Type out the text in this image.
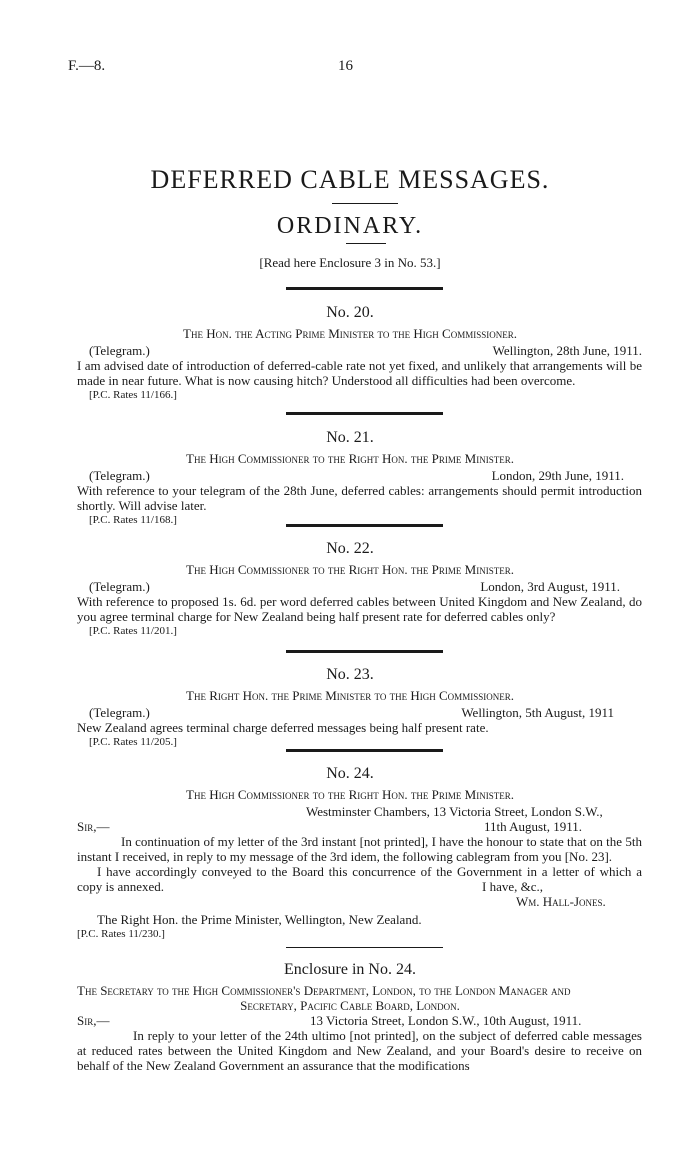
F.—8.	16
DEFERRED CABLE MESSAGES.
ORDINARY.
[Read here Enclosure 3 in No. 53.]
No. 20.
The Hon. the Acting Prime Minister to the High Commissioner.
(Telegram.)	Wellington, 28th June, 1911.
I am advised date of introduction of deferred-cable rate not yet fixed, and unlikely that arrangements will be made in near future. What is now causing hitch? Understood all difficulties had been overcome.
[P.C. Rates 11/166.]
No. 21.
The High Commissioner to the Right Hon. the Prime Minister.
(Telegram.)	London, 29th June, 1911.
With reference to your telegram of the 28th June, deferred cables: arrangements should permit introduction shortly. Will advise later.
[P.C. Rates 11/168.]
No. 22.
The High Commissioner to the Right Hon. the Prime Minister.
(Telegram.)	London, 3rd August, 1911.
With reference to proposed 1s. 6d. per word deferred cables between United Kingdom and New Zealand, do you agree terminal charge for New Zealand being half present rate for deferred cables only?
[P.C. Rates 11/201.]
No. 23.
The Right Hon. the Prime Minister to the High Commissioner.
(Telegram.)	Wellington, 5th August, 1911
New Zealand agrees terminal charge deferred messages being half present rate.
[P.C. Rates 11/205.]
No. 24.
The High Commissioner to the Right Hon. the Prime Minister.
Westminster Chambers, 13 Victoria Street, London S.W.,
Sir,—	11th August, 1911.
In continuation of my letter of the 3rd instant [not printed], I have the honour to state that on the 5th instant I received, in reply to my message of the 3rd idem, the following cablegram from you [No. 23].
I have accordingly conveyed to the Board this concurrence of the Government in a letter of which a copy is annexed.	I have, &c.,
Wm. Hall-Jones.
The Right Hon. the Prime Minister, Wellington, New Zealand.
[P.C. Rates 11/230.]
Enclosure in No. 24.
The Secretary to the High Commissioner's Department, London, to the London Manager and
Secretary, Pacific Cable Board, London.
Sir,—	13 Victoria Street, London S.W., 10th August, 1911.
In reply to your letter of the 24th ultimo [not printed], on the subject of deferred cable messages at reduced rates between the United Kingdom and New Zealand, and your Board's desire to receive on behalf of the New Zealand Government an assurance that the modifications
